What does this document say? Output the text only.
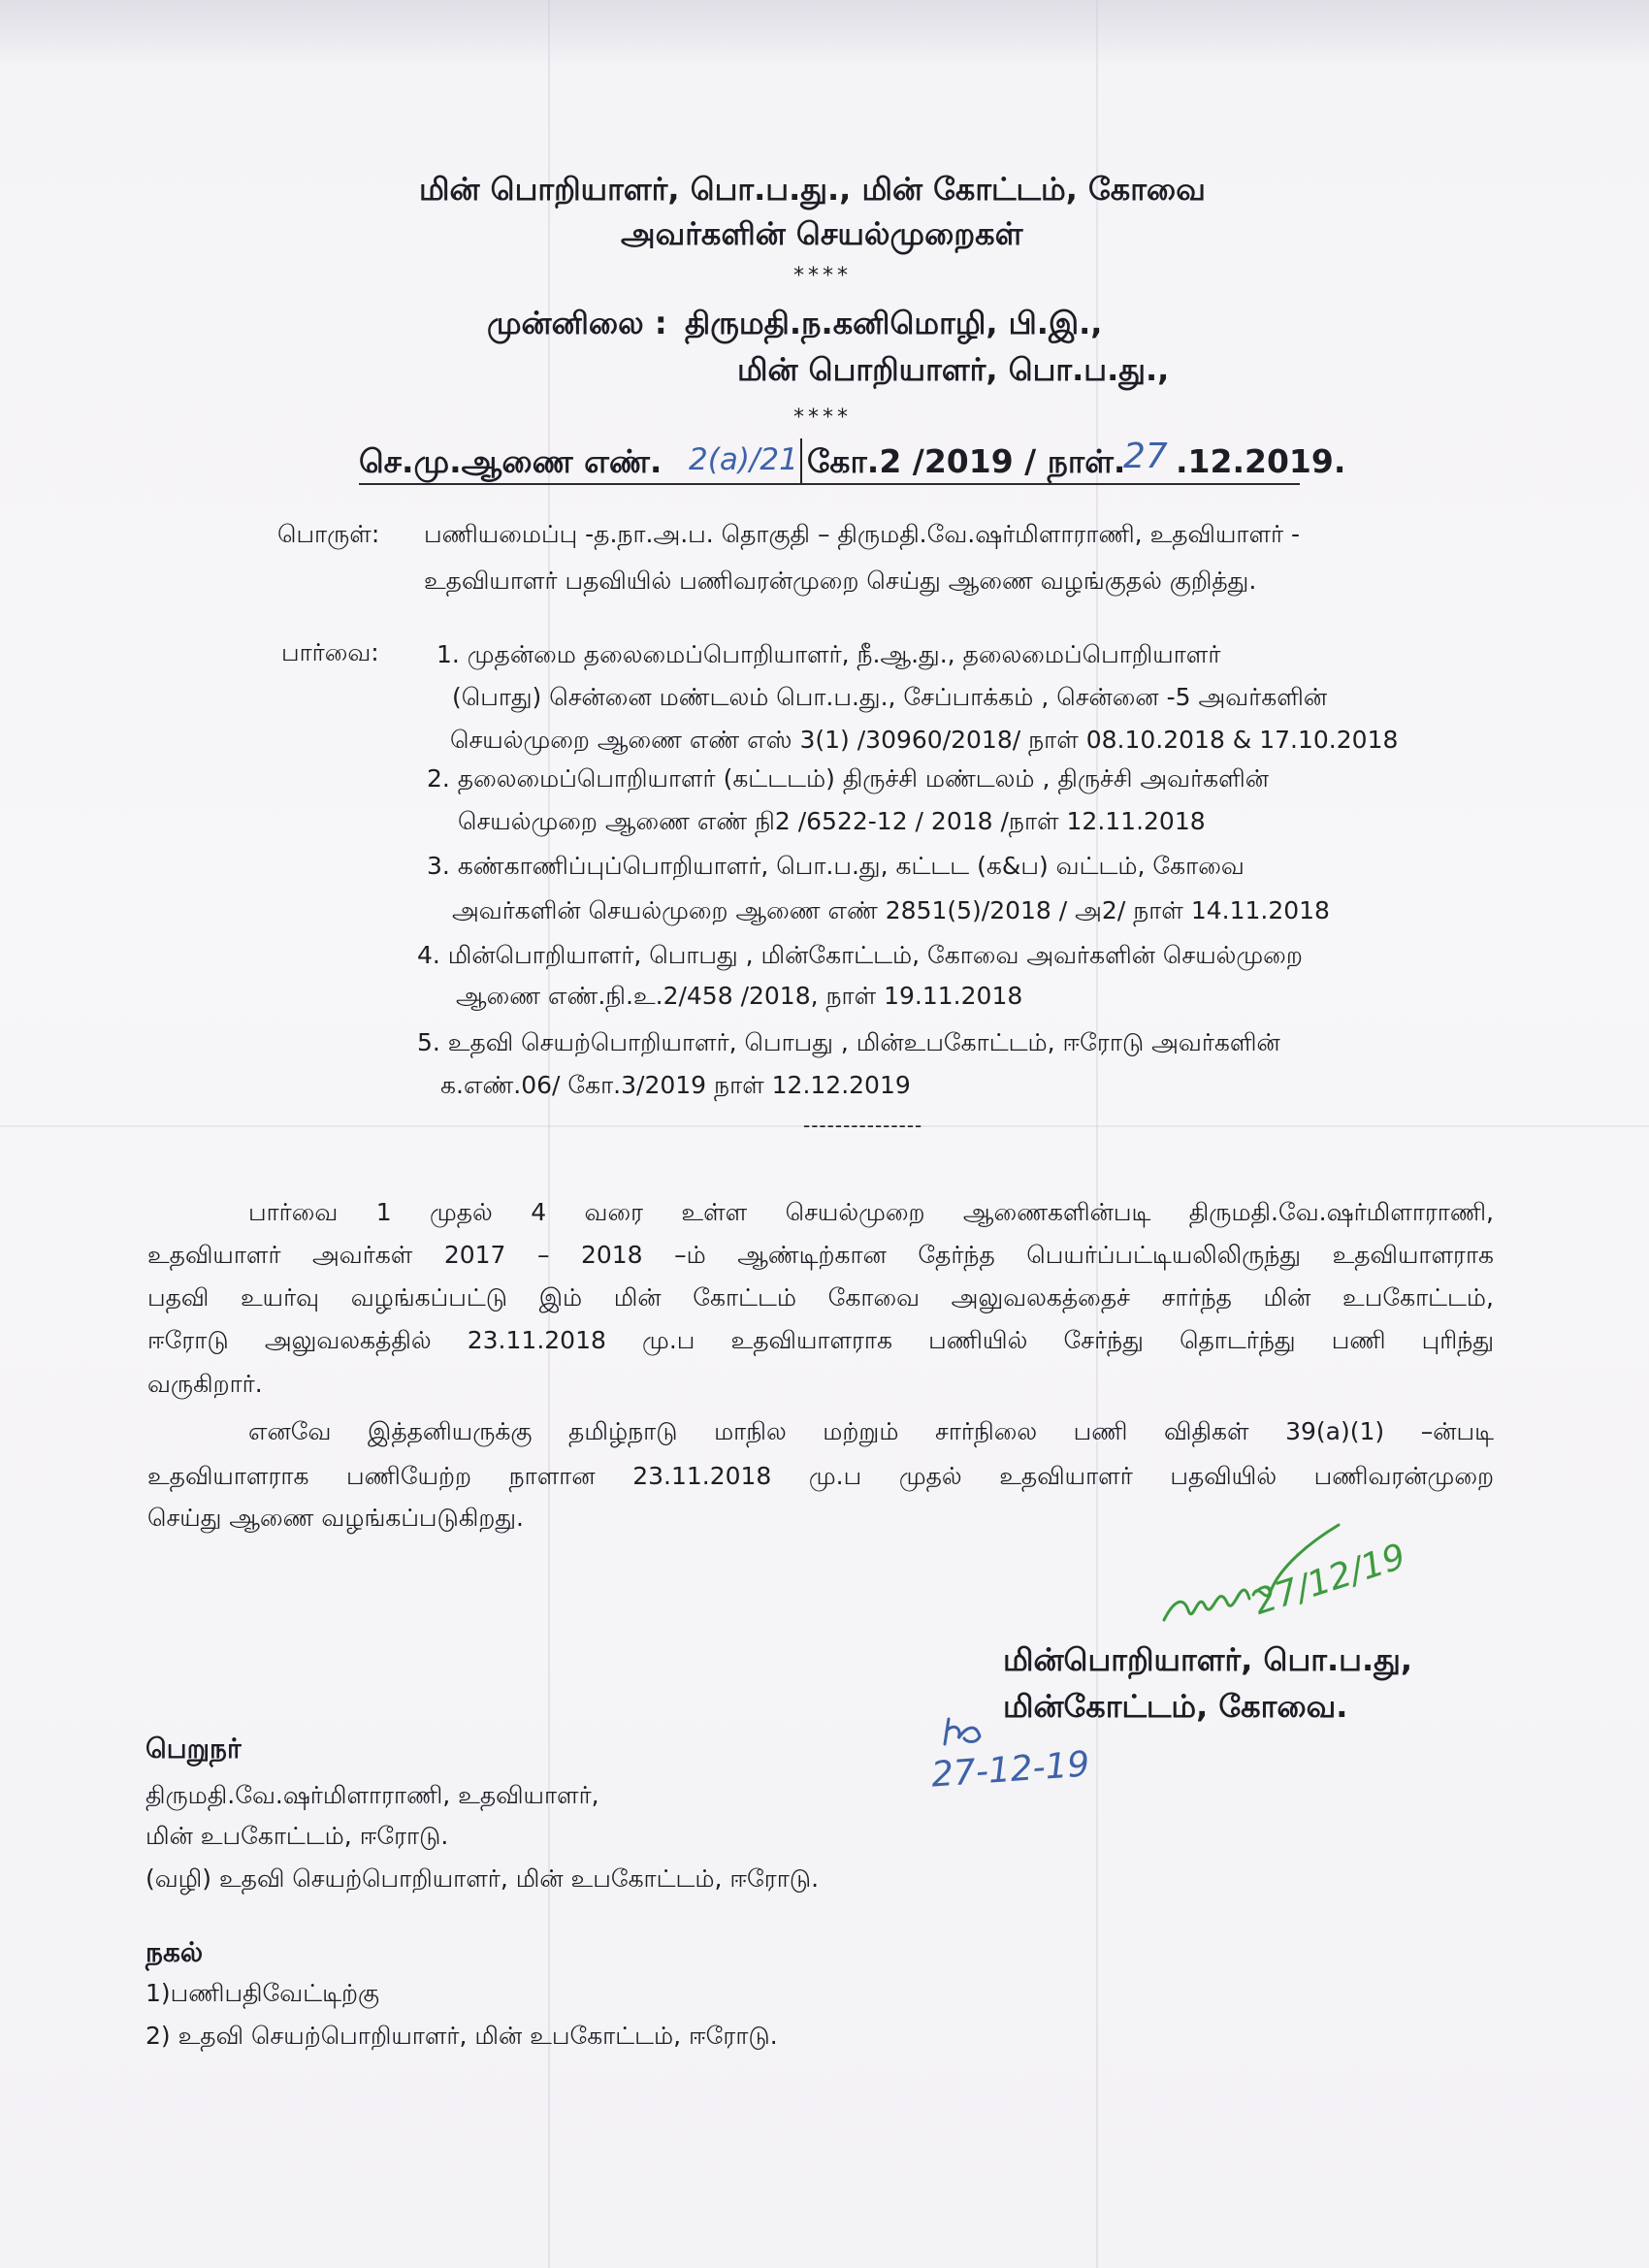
மின் பொறியாளர், பொ.ப.து., மின் கோட்டம், கோவை
அவர்களின் செயல்முறைகள்
****
முன்னிலை : திருமதி.ந.கனிமொழி, பி.இ.,
மின் பொறியாளர், பொ.ப.து.,
****
செ.மு.ஆணை எண். 2(a)/21 கோ.2 /2019 / நாள்.
27 .12.2019.
பொருள்: பணியமைப்பு -த.நா.அ.ப. தொகுதி – திருமதி.வே.ஷர்மிளாராணி, உதவியாளர் -
உதவியாளர் பதவியில் பணிவரன்முறை செய்து ஆணை வழங்குதல் குறித்து.
பார்வை: 1. முதன்மை தலைமைப்பொறியாளர், நீ.ஆ.து., தலைமைப்பொறியாளர்
(பொது) சென்னை மண்டலம் பொ.ப.து., சேப்பாக்கம் , சென்னை -5 அவர்களின்
செயல்முறை ஆணை எண் எஸ் 3(1) /30960/2018/ நாள் 08.10.2018 & 17.10.2018
2. தலைமைப்பொறியாளர் (கட்டடம்) திருச்சி மண்டலம் , திருச்சி அவர்களின்
செயல்முறை ஆணை எண் நி2 /6522-12 / 2018 /நாள் 12.11.2018
3. கண்காணிப்புப்பொறியாளர், பொ.ப.து, கட்டட (க&ப) வட்டம், கோவை
அவர்களின் செயல்முறை ஆணை எண் 2851(5)/2018 / அ2/ நாள் 14.11.2018
4. மின்பொறியாளர், பொபது , மின்கோட்டம், கோவை அவர்களின் செயல்முறை
ஆணை எண்.நி.உ.2/458 /2018, நாள் 19.11.2018
5. உதவி செயற்பொறியாளர், பொபது , மின்உபகோட்டம், ஈரோடு அவர்களின்
க.எண்.06/ கோ.3/2019 நாள் 12.12.2019
---------------
பார்வை 1 முதல் 4 வரை உள்ள செயல்முறை ஆணைகளின்படி திருமதி.வே.ஷர்மிளாராணி,
உதவியாளர் அவர்கள் 2017 – 2018 –ம் ஆண்டிற்கான தேர்ந்த பெயர்ப்பட்டியலிலிருந்து உதவியாளராக
பதவி உயர்வு வழங்கப்பட்டு இம் மின் கோட்டம் கோவை அலுவலகத்தைச் சார்ந்த மின் உபகோட்டம்,
ஈரோடு அலுவலகத்தில் 23.11.2018 மு.ப உதவியாளராக பணியில் சேர்ந்து தொடர்ந்து பணி புரிந்து
வருகிறார்.
எனவே இத்தனியருக்கு தமிழ்நாடு மாநில மற்றும் சார்நிலை பணி விதிகள் 39(a)(1) –ன்படி
உதவியாளராக பணியேற்ற நாளான 23.11.2018 மு.ப முதல் உதவியாளர் பதவியில் பணிவரன்முறை
செய்து ஆணை வழங்கப்படுகிறது.
27/12/19
மின்பொறியாளர், பொ.ப.து,
மின்கோட்டம், கோவை.
27-12-19
பெறுநர்
திருமதி.வே.ஷர்மிளாராணி, உதவியாளர்,
மின் உபகோட்டம், ஈரோடு.
(வழி) உதவி செயற்பொறியாளர், மின் உபகோட்டம், ஈரோடு.
நகல்
1)பணிபதிவேட்டிற்கு
2) உதவி செயற்பொறியாளர், மின் உபகோட்டம், ஈரோடு.
